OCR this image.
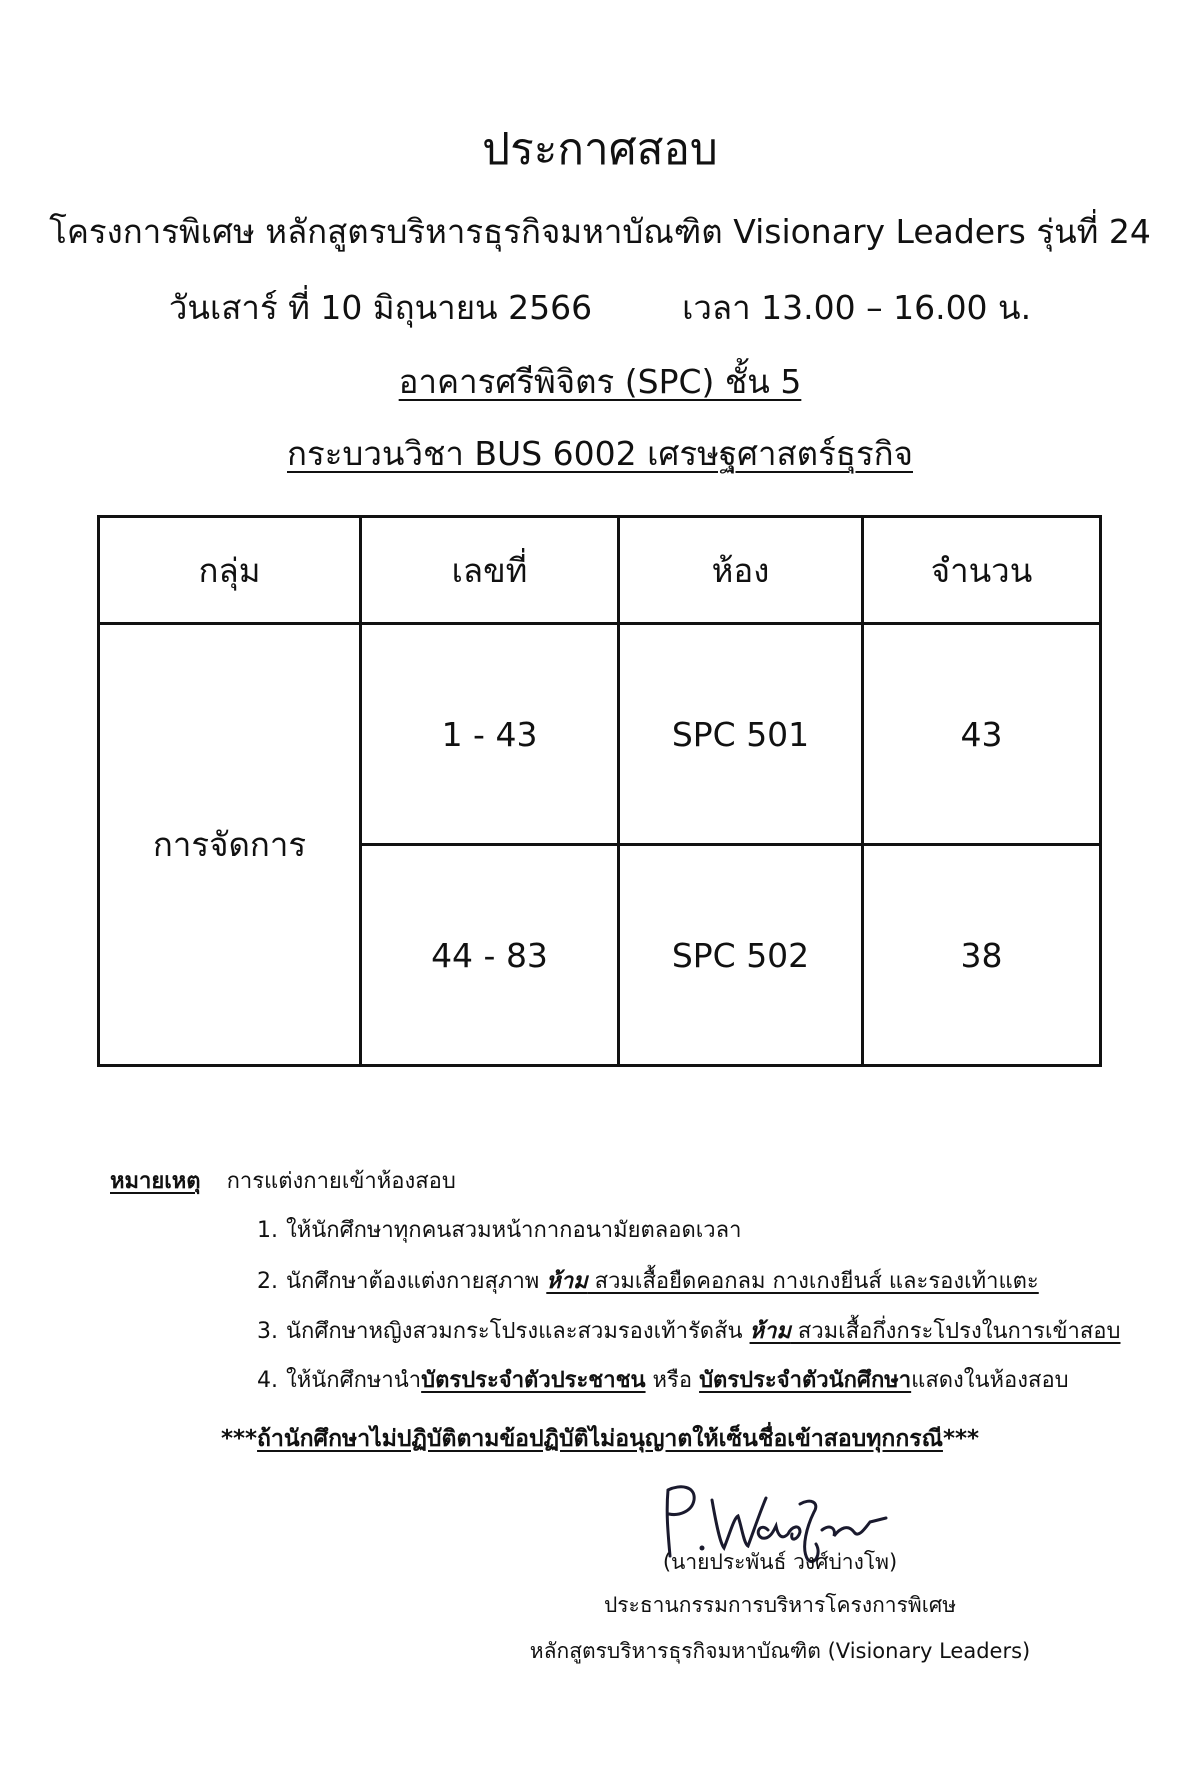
ประกาศสอบ
โครงการพิเศษ หลักสูตรบริหารธุรกิจมหาบัณฑิต Visionary Leaders รุ่นที่ 24
วันเสาร์ ที่ 10 มิถุนายน 2566	เวลา 13.00 – 16.00 น.
อาคารศรีพิจิตร (SPC) ชั้น 5
กระบวนวิชา BUS 6002 เศรษฐศาสตร์ธุรกิจ
กลุ่ม	เลขที่	ห้อง	จำนวน
การจัดการ	1 - 43	SPC 501	43
	44 - 83	SPC 502	38
หมายเหตุ การแต่งกายเข้าห้องสอบ
1. ให้นักศึกษาทุกคนสวมหน้ากากอนามัยตลอดเวลา
2. นักศึกษาต้องแต่งกายสุภาพ ห้าม สวมเสื้อยืดคอกลม กางเกงยีนส์ และรองเท้าแตะ
3. นักศึกษาหญิงสวมกระโปรงและสวมรองเท้ารัดส้น ห้าม สวมเสื้อกึ่งกระโปรงในการเข้าสอบ
4. ให้นักศึกษานำบัตรประจำตัวประชาชน หรือ บัตรประจำตัวนักศึกษาแสดงในห้องสอบ
***ถ้านักศึกษาไม่ปฏิบัติตามข้อปฏิบัติไม่อนุญาตให้เซ็นชื่อเข้าสอบทุกกรณี***
(นายประพันธ์ วงศ์บ่างโพ)
ประธานกรรมการบริหารโครงการพิเศษ
หลักสูตรบริหารธุรกิจมหาบัณฑิต (Visionary Leaders)
